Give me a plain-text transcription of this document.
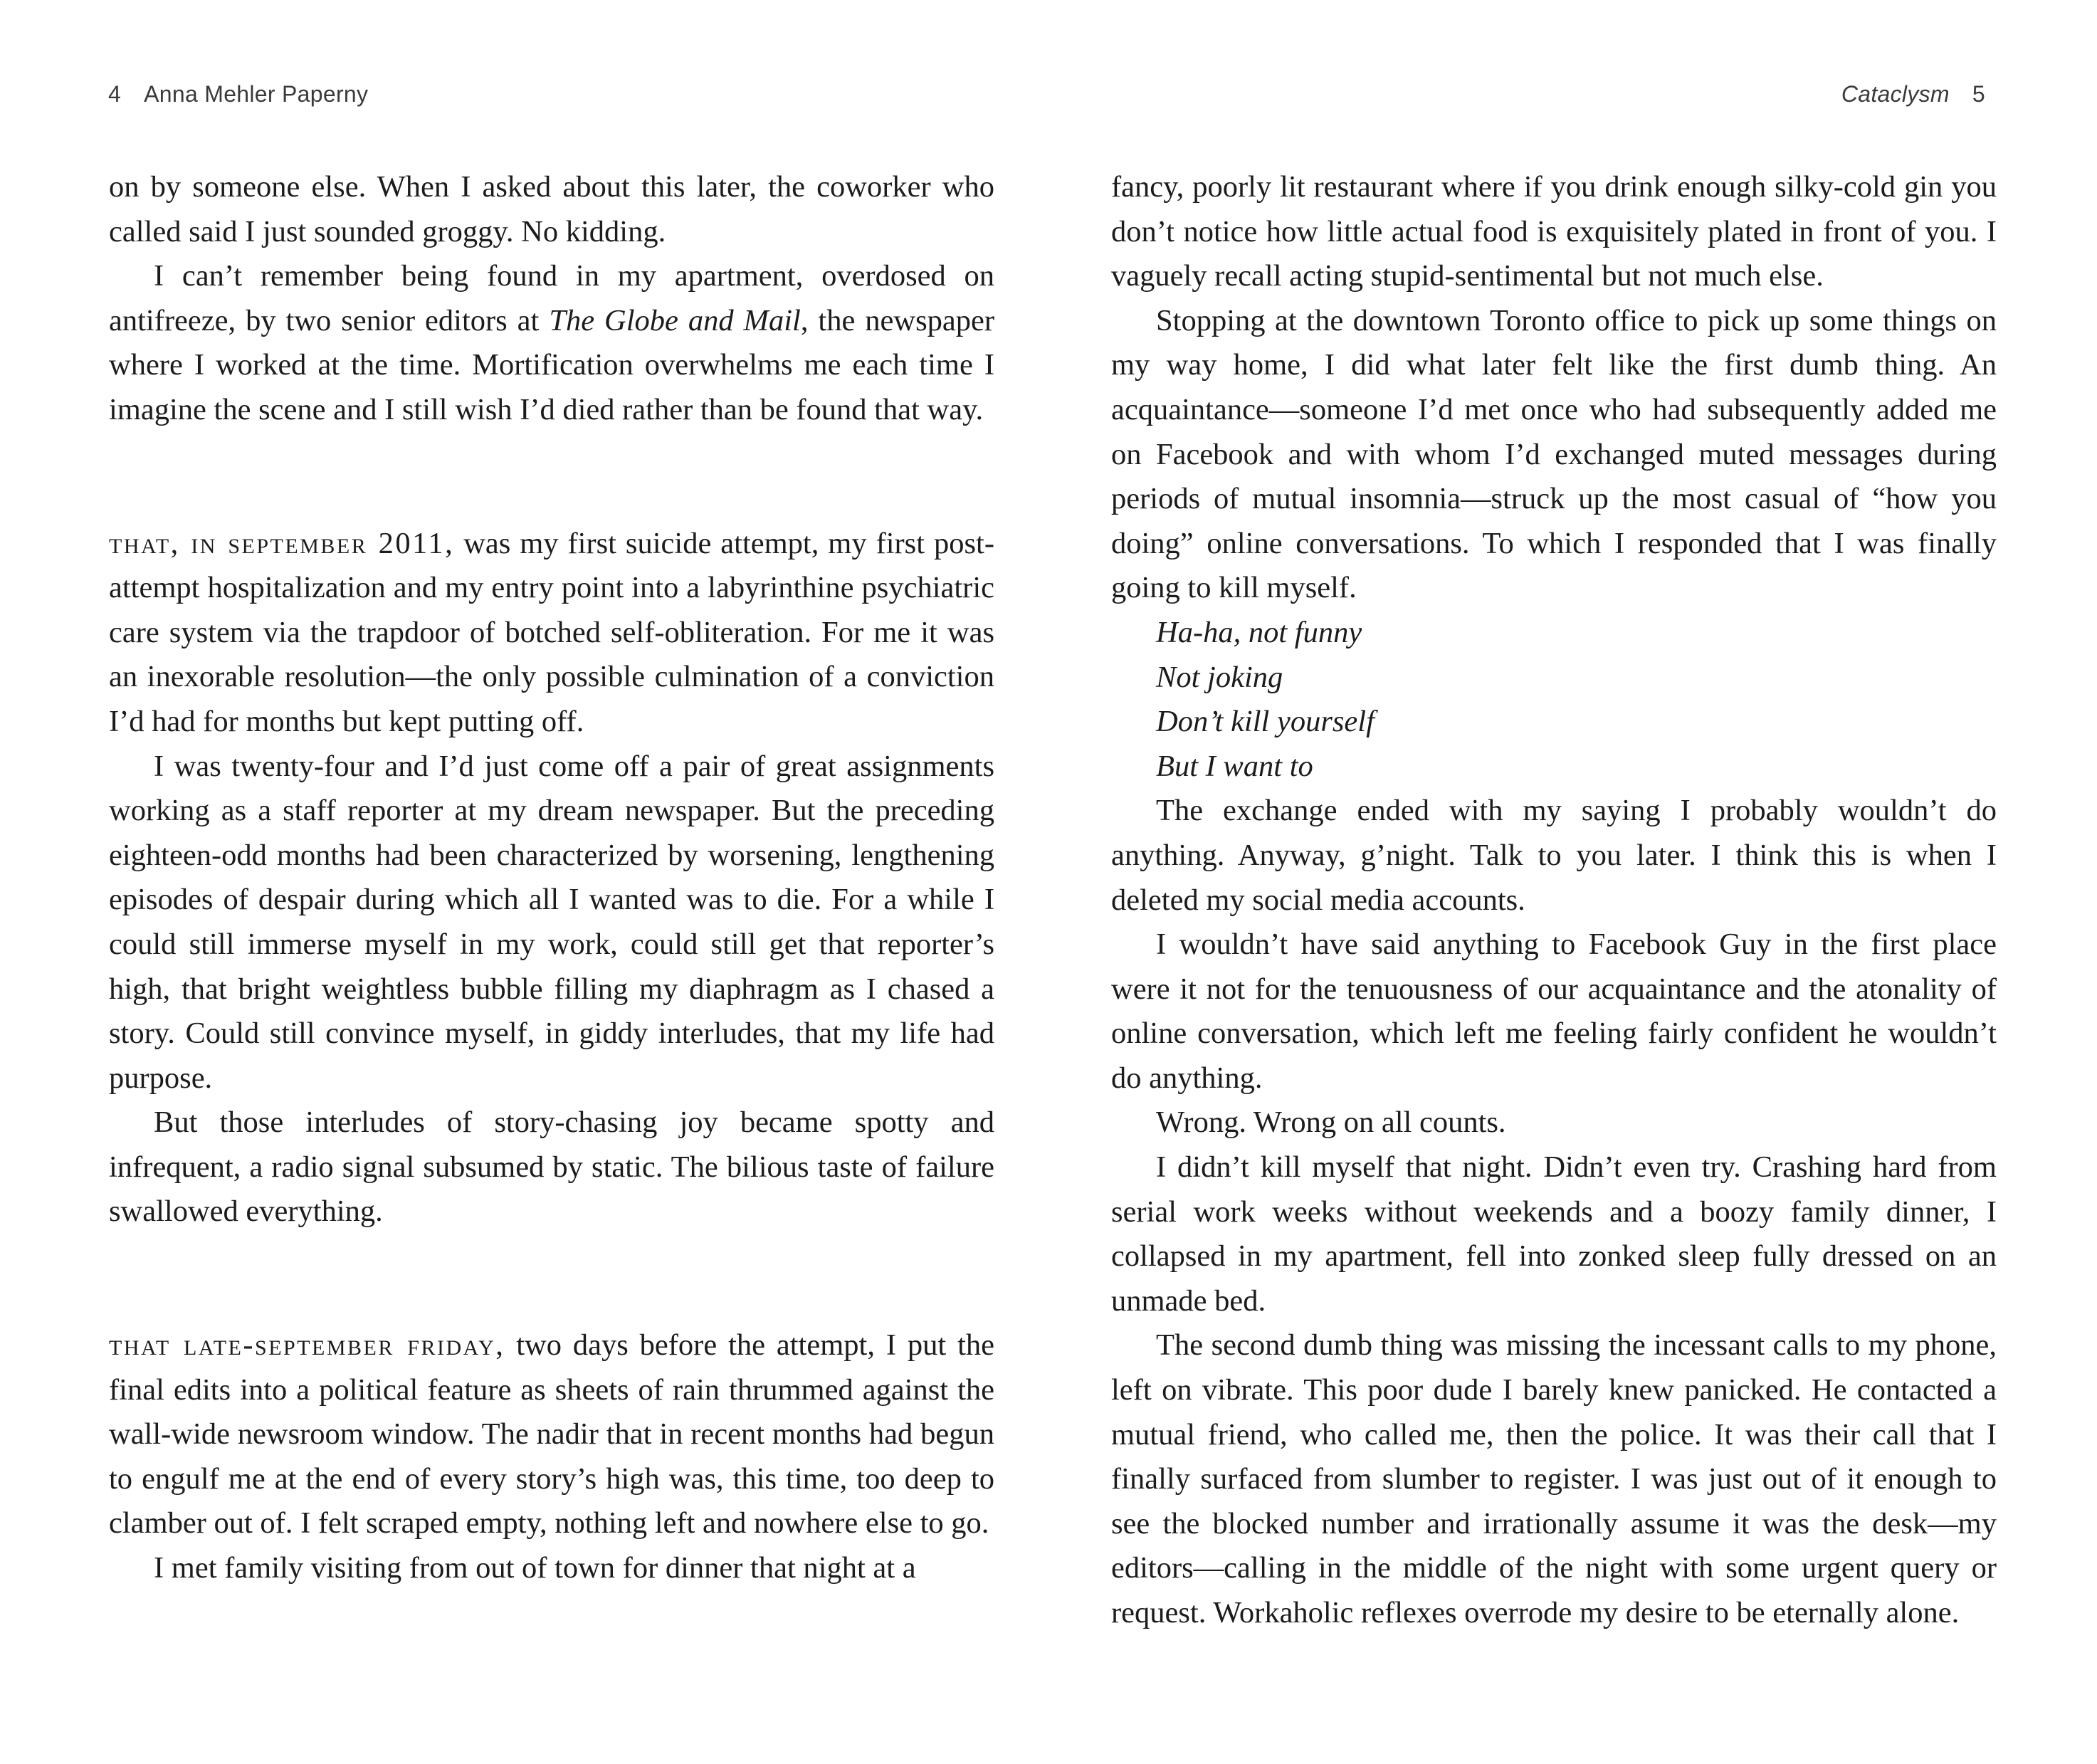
4 Anna Mehler Paperny

on by someone else. When I asked about this later, the coworker who called said I just sounded groggy. No kidding.

I can’t remember being found in my apartment, overdosed on antifreeze, by two senior editors at The Globe and Mail, the newspaper where I worked at the time. Mortification overwhelms me each time I imagine the scene and I still wish I’d died rather than be found that way.

that, in september 2011, was my first suicide attempt, my first post-attempt hospitalization and my entry point into a labyrinthine psychiatric care system via the trapdoor of botched self-obliteration. For me it was an inexorable resolution—the only possible culmination of a conviction I’d had for months but kept putting off.

I was twenty-four and I’d just come off a pair of great assignments working as a staff reporter at my dream newspaper. But the preceding eighteen-odd months had been characterized by worsening, lengthening episodes of despair during which all I wanted was to die. For a while I could still immerse myself in my work, could still get that reporter’s high, that bright weightless bubble filling my diaphragm as I chased a story. Could still convince myself, in giddy interludes, that my life had purpose.

But those interludes of story-chasing joy became spotty and infrequent, a radio signal subsumed by static. The bilious taste of failure swallowed everything.

that late-september friday, two days before the attempt, I put the final edits into a political feature as sheets of rain thrummed against the wall-wide newsroom window. The nadir that in recent months had begun to engulf me at the end of every story’s high was, this time, too deep to clamber out of. I felt scraped empty, nothing left and nowhere else to go.

I met family visiting from out of town for dinner that night at a

Cataclysm 5

fancy, poorly lit restaurant where if you drink enough silky-cold gin you don’t notice how little actual food is exquisitely plated in front of you. I vaguely recall acting stupid-sentimental but not much else.

Stopping at the downtown Toronto office to pick up some things on my way home, I did what later felt like the first dumb thing. An acquaintance—someone I’d met once who had subsequently added me on Facebook and with whom I’d exchanged muted messages during periods of mutual insomnia—struck up the most casual of “how you doing” online conversations. To which I responded that I was finally going to kill myself.

Ha-ha, not funny

Not joking

Don’t kill yourself

But I want to

The exchange ended with my saying I probably wouldn’t do anything. Anyway, g’night. Talk to you later. I think this is when I deleted my social media accounts.

I wouldn’t have said anything to Facebook Guy in the first place were it not for the tenuousness of our acquaintance and the atonality of online conversation, which left me feeling fairly confident he wouldn’t do anything.

Wrong. Wrong on all counts.

I didn’t kill myself that night. Didn’t even try. Crashing hard from serial work weeks without weekends and a boozy family dinner, I collapsed in my apartment, fell into zonked sleep fully dressed on an unmade bed.

The second dumb thing was missing the incessant calls to my phone, left on vibrate. This poor dude I barely knew panicked. He contacted a mutual friend, who called me, then the police. It was their call that I finally surfaced from slumber to register. I was just out of it enough to see the blocked number and irrationally assume it was the desk—my editors—calling in the middle of the night with some urgent query or request. Workaholic reflexes overrode my desire to be eternally alone.
